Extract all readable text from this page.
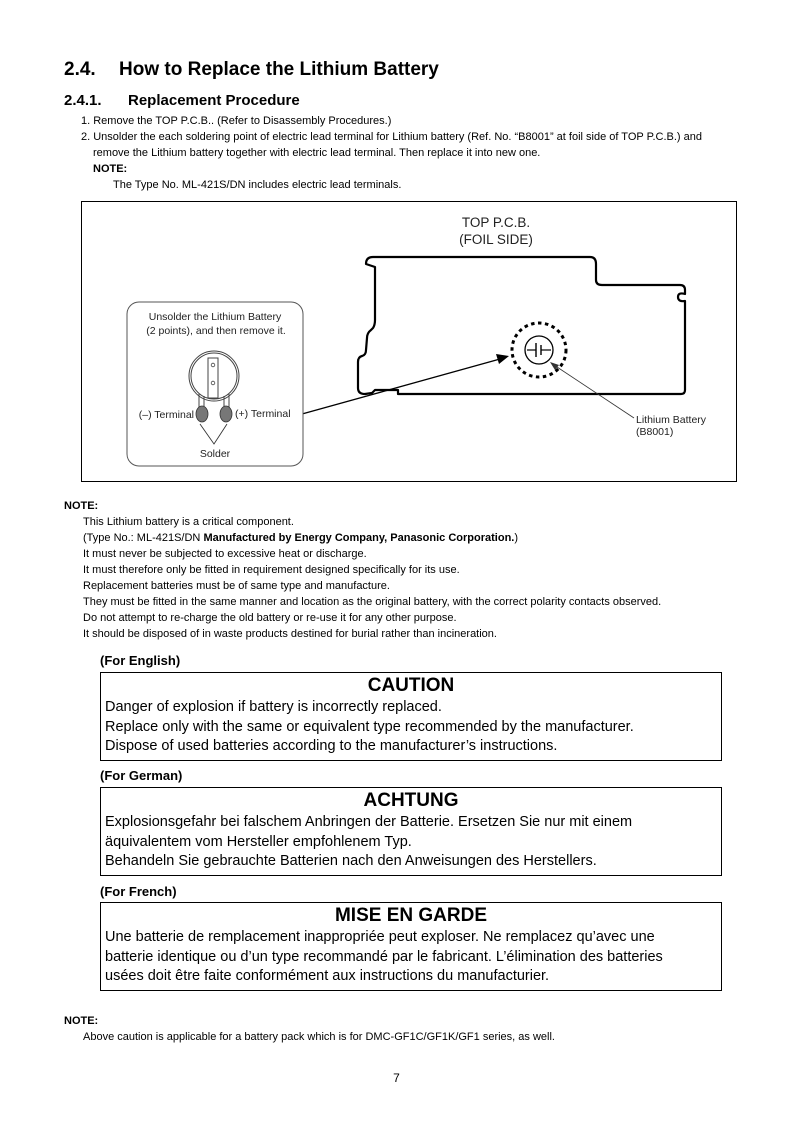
2.4. How to Replace the Lithium Battery
2.4.1. Replacement Procedure
1. Remove the TOP P.C.B.. (Refer to Disassembly Procedures.)
2. Unsolder the each soldering point of electric lead terminal for Lithium battery (Ref. No. “B8001” at foil side of TOP P.C.B.) and
remove the Lithium battery together with electric lead terminal. Then replace it into new one.
NOTE:
The Type No. ML-421S/DN includes electric lead terminals.
TOP P.C.B.
(FOIL SIDE)
Unsolder the Lithium Battery
(2 points), and then remove it.
(–) Terminal	(+) Terminal
Solder
Lithium Battery
(B8001)
NOTE:
This Lithium battery is a critical component.
(Type No.: ML-421S/DN Manufactured by Energy Company, Panasonic Corporation.)
It must never be subjected to excessive heat or discharge.
It must therefore only be fitted in requirement designed specifically for its use.
Replacement batteries must be of same type and manufacture.
They must be fitted in the same manner and location as the original battery, with the correct polarity contacts observed.
Do not attempt to re-charge the old battery or re-use it for any other purpose.
It should be disposed of in waste products destined for burial rather than incineration.
(For English)
CAUTION
Danger of explosion if battery is incorrectly replaced.
Replace only with the same or equivalent type recommended by the manufacturer.
Dispose of used batteries according to the manufacturer’s instructions.
(For German)
ACHTUNG
Explosionsgefahr bei falschem Anbringen der Batterie. Ersetzen Sie nur mit einem
äquivalentem vom Hersteller empfohlenem Typ.
Behandeln Sie gebrauchte Batterien nach den Anweisungen des Herstellers.
(For French)
MISE EN GARDE
Une batterie de remplacement inappropriée peut exploser. Ne remplacez qu’avec une
batterie identique ou d’un type recommandé par le fabricant. L’élimination des batteries
usées doit être faite conformément aux instructions du manufacturier.
NOTE:
Above caution is applicable for a battery pack which is for DMC-GF1C/GF1K/GF1 series, as well.
7
